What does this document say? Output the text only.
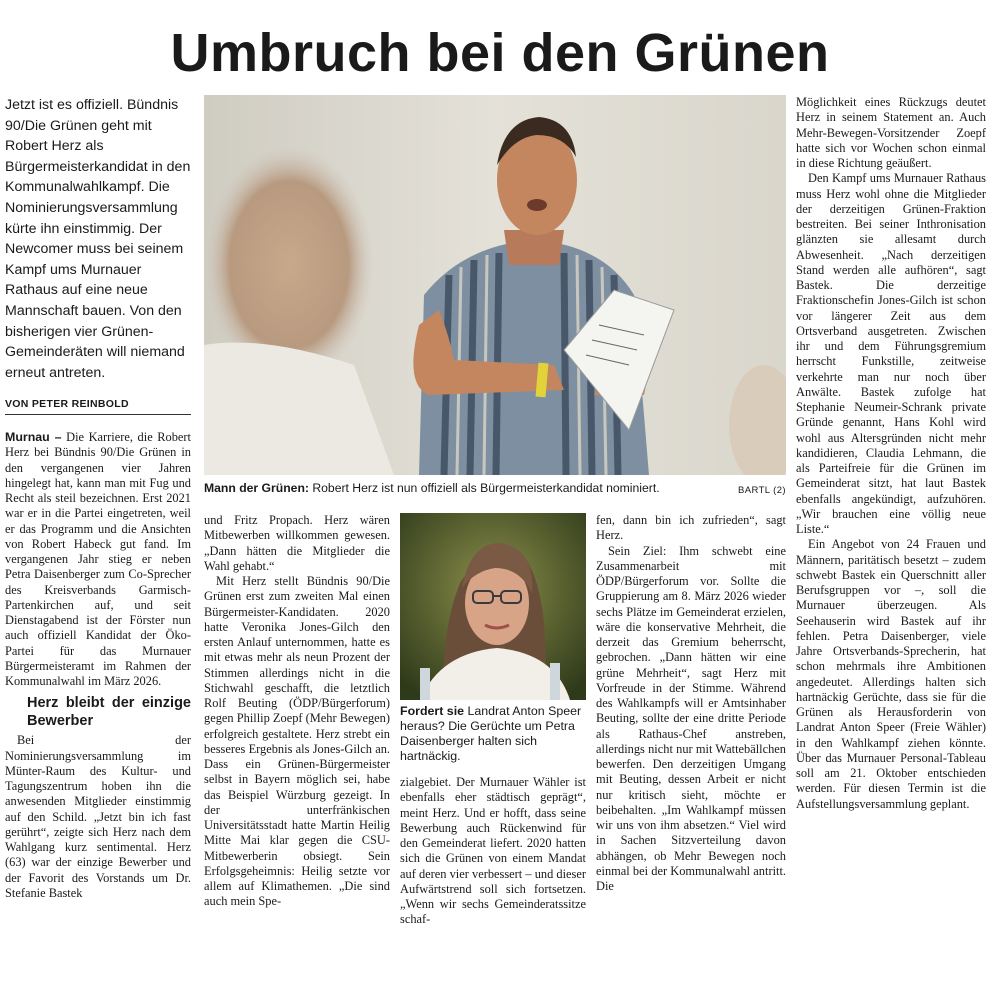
Umbruch bei den Grünen
Jetzt ist es offiziell. Bündnis 90/Die Grünen geht mit Robert Herz als Bürgermeisterkandidat in den Kommunalwahlkampf. Die Nominierungsversammlung kürte ihn einstimmig. Der Newcomer muss bei seinem Kampf ums Murnauer Rathaus auf eine neue Mannschaft bauen. Von den bisherigen vier Grünen-Gemeinderäten will niemand erneut antreten.
VON PETER REINBOLD

Murnau – Die Karriere, die Robert Herz bei Bündnis 90/Die Grünen in den vergangenen vier Jahren hingelegt hat, kann man mit Fug und Recht als steil bezeichnen. Erst 2021 war er in die Partei eingetreten, weil er das Programm und die Ansichten von Robert Habeck gut fand. Im vergangenen Jahr stieg er neben Petra Daisenberger zum Co-Sprecher des Kreisverbands Garmisch-Partenkirchen auf, und seit Dienstagabend ist der Förster nun auch offiziell Kandidat der Öko-Partei für das Murnauer Bürgermeisteramt im Rahmen der Kommunalwahl im März 2026.

Herz bleibt der einzige Bewerber

Bei der Nominierungsversammlung im Münter-Raum des Kultur- und Tagungszentrum hoben ihn die anwesenden Mitglieder einstimmig auf den Schild. „Jetzt bin ich fast gerührt“, zeigte sich Herz nach dem Wahlgang kurz sentimental. Herz (63) war der einzige Bewerber und der Favorit des Vorstands um Dr. Stefanie Bastek

Mann der Grünen: Robert Herz ist nun offiziell als Bürgermeisterkandidat nominiert.	BARTL (2)

und Fritz Propach. Herz wären Mitbewerben willkommen gewesen. „Dann hätten die Mitglieder die Wahl gehabt.“

Mit Herz stellt Bündnis 90/Die Grünen erst zum zweiten Mal einen Bürgermeister-Kandidaten. 2020 hatte Veronika Jones-Gilch den ersten Anlauf unternommen, hatte es mit etwas mehr als neun Prozent der Stimmen allerdings nicht in die Stichwahl geschafft, die letztlich Rolf Beuting (ÖDP/Bürgerforum) gegen Phillip Zoepf (Mehr Bewegen) erfolgreich gestaltete. Herz strebt ein besseres Ergebnis als Jones-Gilch an. Dass ein Grünen-Bürgermeister selbst in Bayern möglich sei, habe das Beispiel Würzburg gezeigt. In der unterfränkischen Universitätsstadt hatte Martin Heilig Mitte Mai klar gegen die CSU-Mitbewerberin obsiegt. Sein Erfolgsgeheimnis: Heilig setzte vor allem auf Klimathemen. „Die sind auch mein Spe-

Fordert sie Landrat Anton Speer heraus? Die Gerüchte um Petra Daisenberger halten sich hartnäckig.

zialgebiet. Der Murnauer Wähler ist ebenfalls eher städtisch geprägt“, meint Herz. Und er hofft, dass seine Bewerbung auch Rückenwind für den Gemeinderat liefert. 2020 hatten sich die Grünen von einem Mandat auf deren vier verbessert – und dieser Aufwärtstrend soll sich fortsetzen. „Wenn wir sechs Gemeinderatssitze schaf-

fen, dann bin ich zufrieden“, sagt Herz.

Sein Ziel: Ihm schwebt eine Zusammenarbeit mit ÖDP/Bürgerforum vor. Sollte die Gruppierung am 8. März 2026 wieder sechs Plätze im Gemeinderat erzielen, wäre die konservative Mehrheit, die derzeit das Gremium beherrscht, gebrochen. „Dann hätten wir eine grüne Mehrheit“, sagt Herz mit Vorfreude in der Stimme. Während des Wahlkampfs will er Amtsinhaber Beuting, sollte der eine dritte Periode als Rathaus-Chef anstreben, allerdings nicht nur mit Wattebällchen bewerfen. Den derzeitigen Umgang mit Beuting, dessen Arbeit er nicht nur kritisch sieht, möchte er beibehalten. „Im Wahlkampf müssen wir uns von ihm absetzen.“ Viel wird in Sachen Sitzverteilung davon abhängen, ob Mehr Bewegen noch einmal bei der Kommunalwahl antritt. Die

Möglichkeit eines Rückzugs deutet Herz in seinem Statement an. Auch Mehr-Bewegen-Vorsitzender Zoepf hatte sich vor Wochen schon einmal in diese Richtung geäußert.

Den Kampf ums Murnauer Rathaus muss Herz wohl ohne die Mitglieder der derzeitigen Grünen-Fraktion bestreiten. Bei seiner Inthronisation glänzten sie allesamt durch Abwesenheit. „Nach derzeitigen Stand werden alle aufhören“, sagt Bastek. Die derzeitige Fraktionschefin Jones-Gilch ist schon vor längerer Zeit aus dem Ortsverband ausgetreten. Zwischen ihr und dem Führungsgremium herrscht Funkstille, zeitweise verkehrte man nur noch über Anwälte. Bastek zufolge hat Stephanie Neumeir-Schrank private Gründe genannt, Hans Kohl wird wohl aus Altersgründen nicht mehr kandidieren, Claudia Lehmann, die als Parteifreie für die Grünen im Gemeinderat sitzt, hat laut Bastek ebenfalls angekündigt, aufzuhören. „Wir brauchen eine völlig neue Liste.“

Ein Angebot von 24 Frauen und Männern, paritätisch besetzt – zudem schwebt Bastek ein Querschnitt aller Berufsgruppen vor –, soll die Murnauer überzeugen. Als Seehauserin wird Bastek auf ihr fehlen. Petra Daisenberger, viele Jahre Ortsverbands-Sprecherin, hat schon mehrmals ihre Ambitionen angedeutet. Allerdings halten sich hartnäckig Gerüchte, dass sie für die Grünen als Herausforderin von Landrat Anton Speer (Freie Wähler) in den Wahlkampf ziehen könnte. Über das Murnauer Personal-Tableau soll am 21. Oktober entschieden werden. Für diesen Termin ist die Aufstellungsversammlung geplant.
